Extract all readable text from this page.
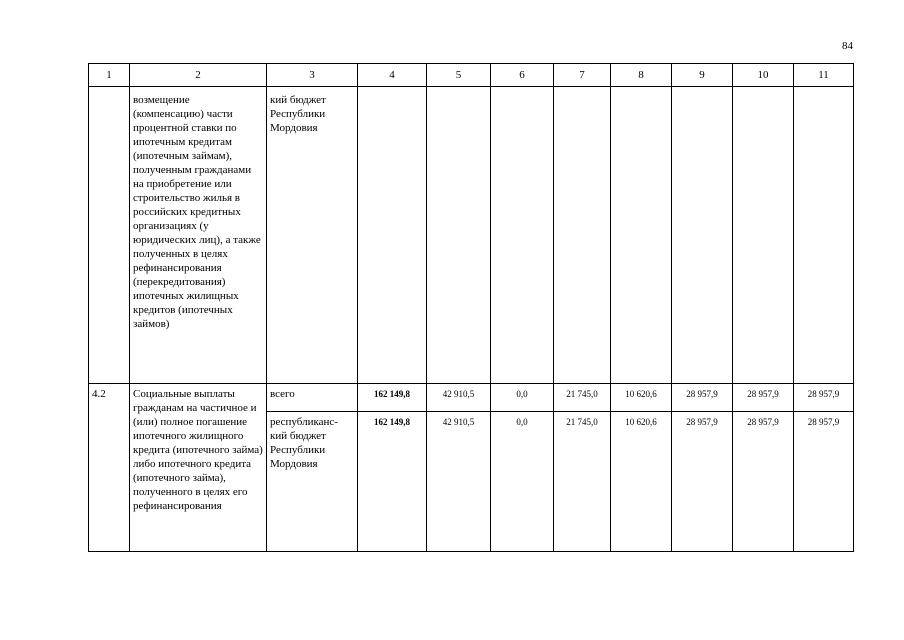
84
1	2	3	4	5	6	7	8	9	10	11
	возмещение (компенсацию) части процентной ставки по ипотечным кредитам (ипотечным займам), полученным гражданами на приобретение или строительство жилья в российских кредитных организациях (у юридических лиц), а также полученных в целях рефинансирования (перекредитования) ипотечных жилищных кредитов (ипотечных займов)	кий бюджет Республики Мордовия								
4.2	Социальные выплаты гражданам на частичное и (или) полное погашение ипотечного жилищного кредита (ипотечного займа) либо ипотечного кредита (ипотечного займа), полученного в целях его рефинансирования	всего	162 149,8	42 910,5	0,0	21 745,0	10 620,6	28 957,9	28 957,9	28 957,9
		республиканс-кий бюджет Республики Мордовия	162 149,8	42 910,5	0,0	21 745,0	10 620,6	28 957,9	28 957,9	28 957,9
